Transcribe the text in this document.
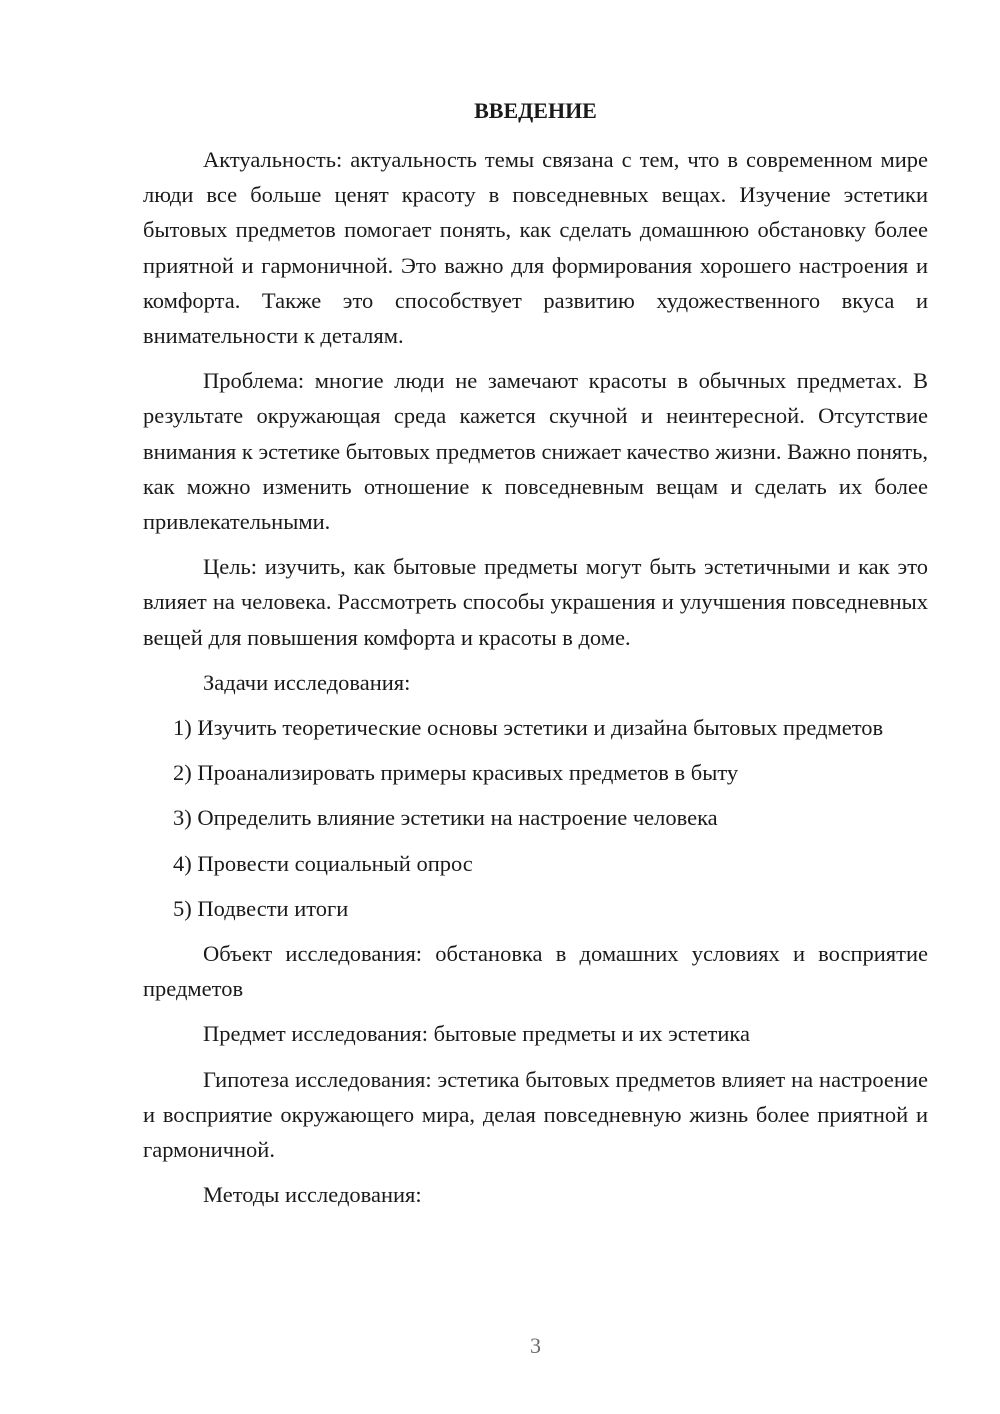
ВВЕДЕНИЕ

Актуальность: актуальность темы связана с тем, что в современном мире люди все больше ценят красоту в повседневных вещах. Изучение эстетики бытовых предметов помогает понять, как сделать домашнюю обстановку более приятной и гармоничной. Это важно для формирования хорошего настроения и комфорта. Также это способствует развитию художественного вкуса и внимательности к деталям.

Проблема: многие люди не замечают красоты в обычных предметах. В результате окружающая среда кажется скучной и неинтересной. Отсутствие внимания к эстетике бытовых предметов снижает качество жизни. Важно понять, как можно изменить отношение к повседневным вещам и сделать их более привлекательными.

Цель: изучить, как бытовые предметы могут быть эстетичными и как это влияет на человека. Рассмотреть способы украшения и улучшения повседневных вещей для повышения комфорта и красоты в доме.

Задачи исследования:

1) Изучить теоретические основы эстетики и дизайна бытовых предметов

2) Проанализировать примеры красивых предметов в быту

3) Определить влияние эстетики на настроение человека

4) Провести социальный опрос

5) Подвести итоги

Объект исследования: обстановка в домашних условиях и восприятие предметов

Предмет исследования: бытовые предметы и их эстетика

Гипотеза исследования: эстетика бытовых предметов влияет на настроение и восприятие окружающего мира, делая повседневную жизнь более приятной и гармоничной.

Методы исследования:

3
